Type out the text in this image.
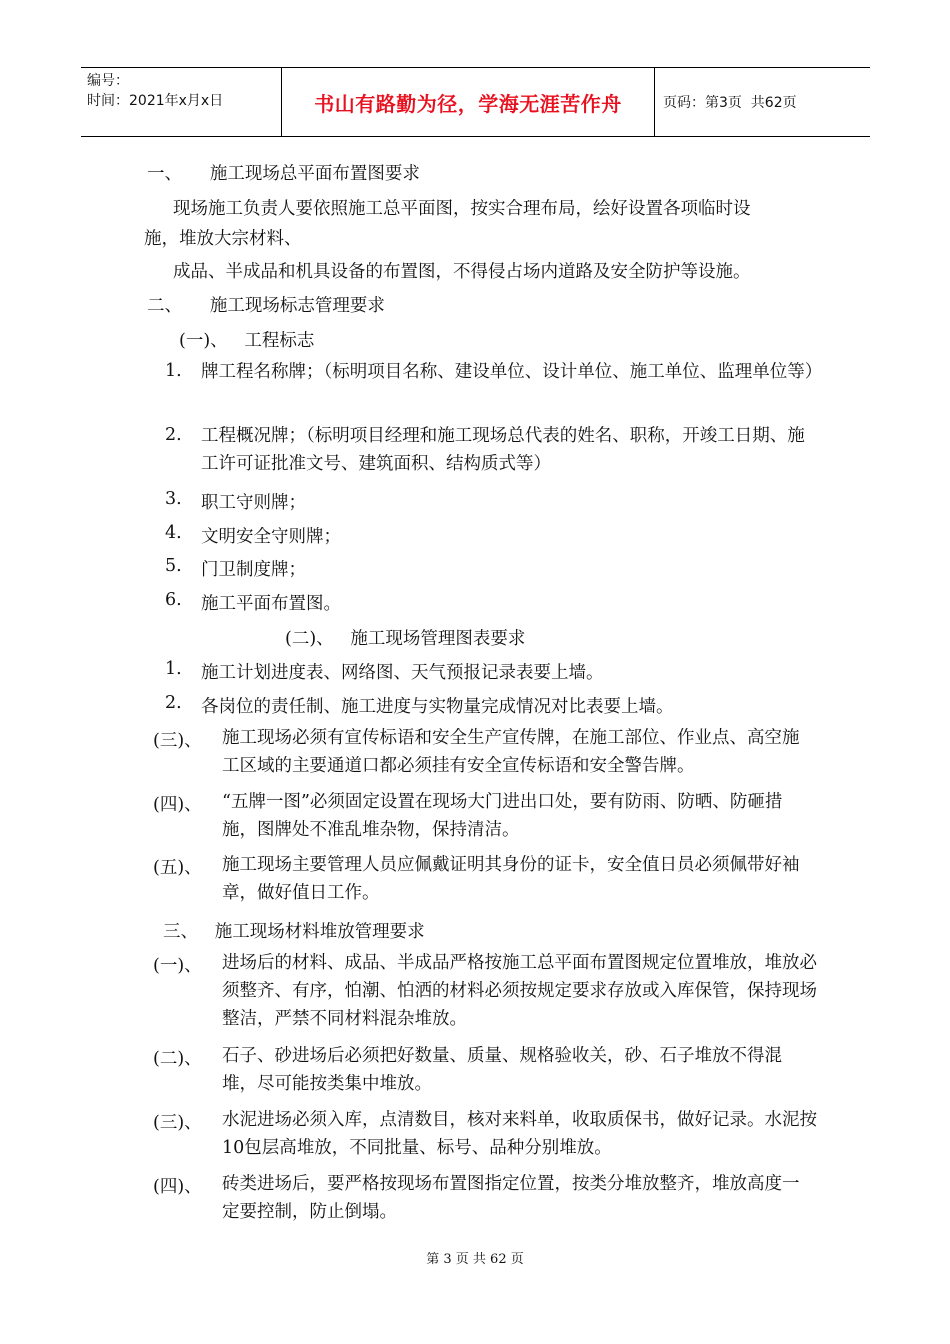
编号：
时间：2021年x月x日	书山有路勤为径，学海无涯苦作舟	页码：第3页  共62页
一、     施工现场总平面布置图要求
现场施工负责人要依照施工总平面图，按实合理布局，绘好设置各项临时设
施，堆放大宗材料、
成品、半成品和机具设备的布置图，不得侵占场内道路及安全防护等设施。
二、     施工现场标志管理要求
(一)、   工程标志
1. 牌工程名称牌；（标明项目名称、建设单位、设计单位、施工单位、监理单位等）
2. 工程概况牌；（标明项目经理和施工现场总代表的姓名、职称，开竣工日期、施工许可证批准文号、建筑面积、结构质式等）
3. 职工守则牌；
4. 文明安全守则牌；
5. 门卫制度牌；
6. 施工平面布置图。
(二)、   施工现场管理图表要求
1. 施工计划进度表、网络图、天气预报记录表要上墙。
2. 各岗位的责任制、施工进度与实物量完成情况对比表要上墙。
(三)、 施工现场必须有宣传标语和安全生产宣传牌，在施工部位、作业点、高空施工区域的主要通道口都必须挂有安全宣传标语和安全警告牌。
(四)、 “五牌一图”必须固定设置在现场大门进出口处，要有防雨、防晒、防砸措施，图牌处不准乱堆杂物，保持清洁。
(五)、 施工现场主要管理人员应佩戴证明其身份的证卡，安全值日员必须佩带好袖章，做好值日工作。
三、   施工现场材料堆放管理要求
(一)、 进场后的材料、成品、半成品严格按施工总平面布置图规定位置堆放，堆放必须整齐、有序，怕潮、怕洒的材料必须按规定要求存放或入库保管，保持现场整洁，严禁不同材料混杂堆放。
(二)、 石子、砂进场后必须把好数量、质量、规格验收关，砂、石子堆放不得混堆，尽可能按类集中堆放。
(三)、 水泥进场必须入库，点清数目，核对来料单，收取质保书，做好记录。水泥按10包层高堆放，不同批量、标号、品种分别堆放。
(四)、 砖类进场后，要严格按现场布置图指定位置，按类分堆放整齐，堆放高度一定要控制，防止倒塌。
第 3 页 共 62 页
